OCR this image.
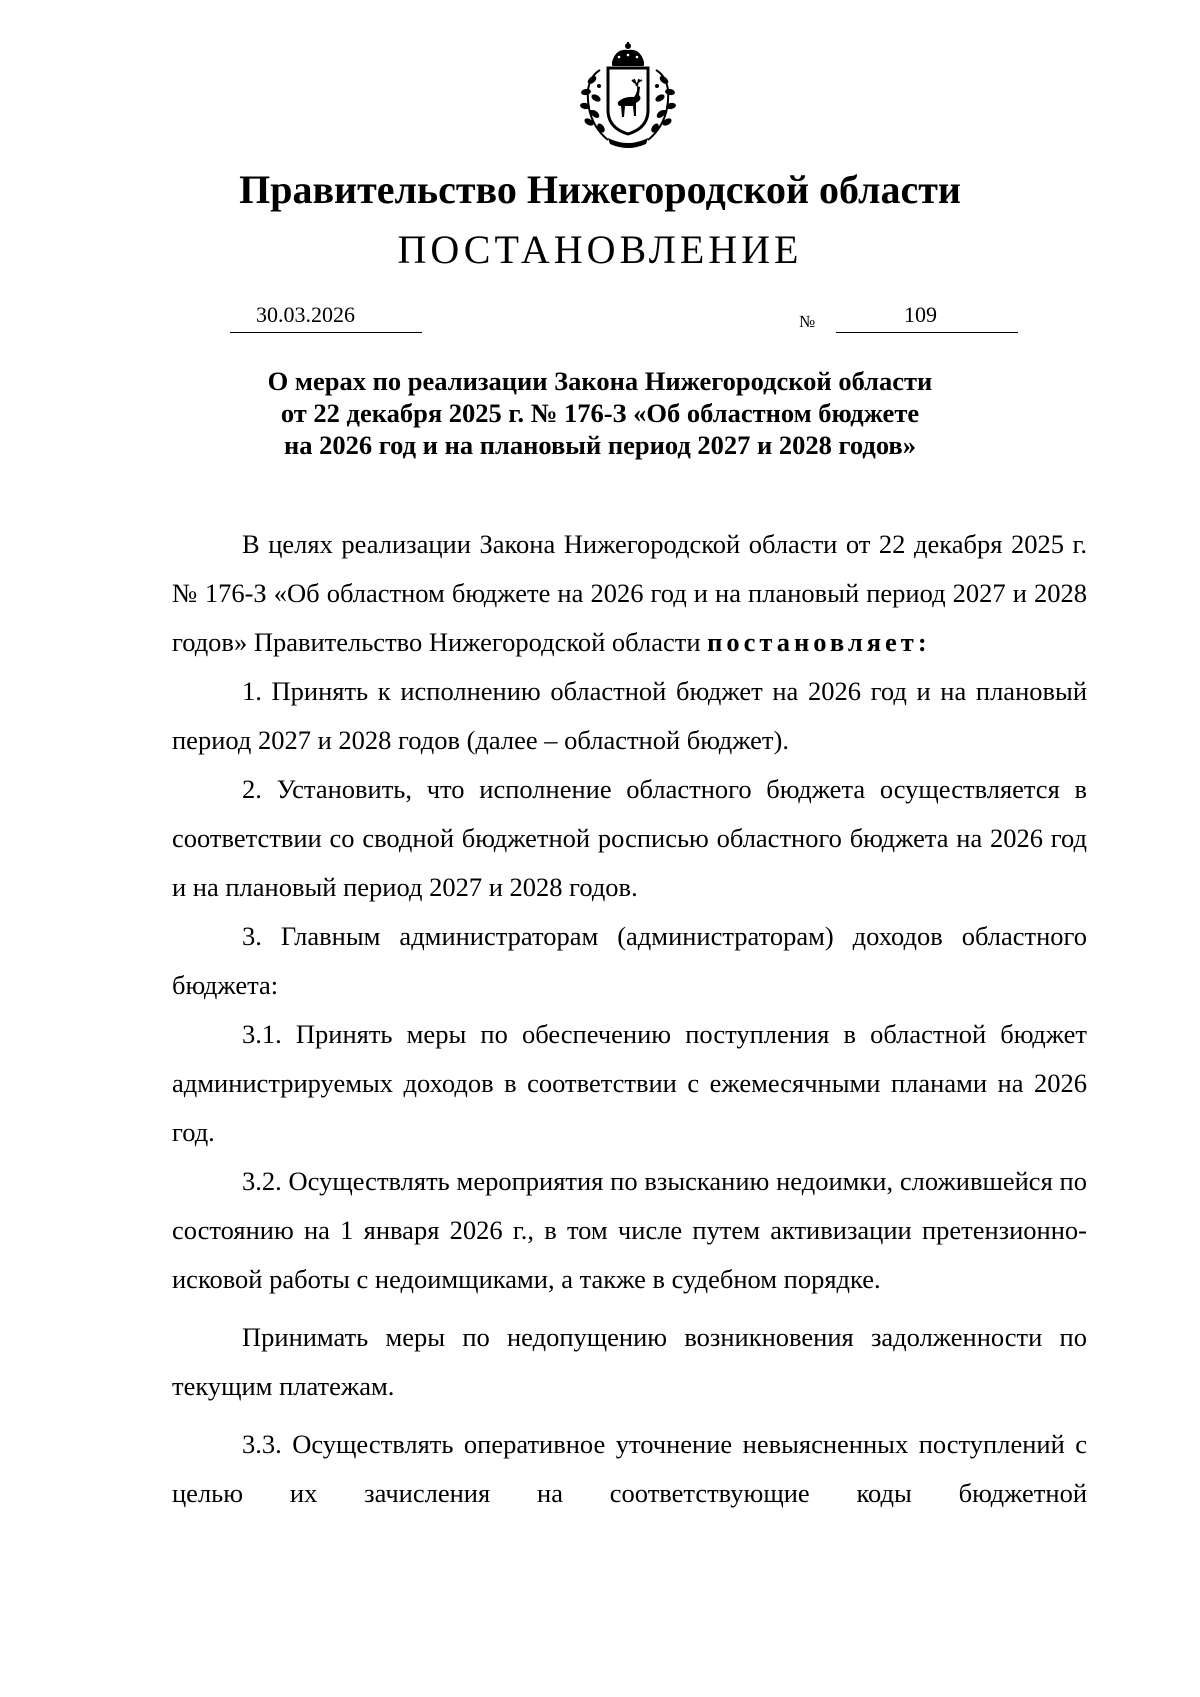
Правительство Нижегородской области
ПОСТАНОВЛЕНИЕ
30.03.2026	№	109
О мерах по реализации Закона Нижегородской области
от 22 декабря 2025 г. № 176-З «Об областном бюджете
на 2026 год и на плановый период 2027 и 2028 годов»

В целях реализации Закона Нижегородской области от 22 декабря 2025 г. № 176-З «Об областном бюджете на 2026 год и на плановый период 2027 и 2028 годов» Правительство Нижегородской области постановляет:

1. Принять к исполнению областной бюджет на 2026 год и на плановый период 2027 и 2028 годов (далее – областной бюджет).

2. Установить, что исполнение областного бюджета осуществляется в соответствии со сводной бюджетной росписью областного бюджета на 2026 год и на плановый период 2027 и 2028 годов.

3. Главным администраторам (администраторам) доходов областного бюджета:

3.1. Принять меры по обеспечению поступления в областной бюджет администрируемых доходов в соответствии с ежемесячными планами на 2026 год.

3.2. Осуществлять мероприятия по взысканию недоимки, сложившейся по состоянию на 1 января 2026 г., в том числе путем активизации претензионно-исковой работы с недоимщиками, а также в судебном порядке.

Принимать меры по недопущению возникновения задолженности по текущим платежам.

3.3. Осуществлять оперативное уточнение невыясненных поступлений с целью их зачисления на соответствующие коды бюджетной
